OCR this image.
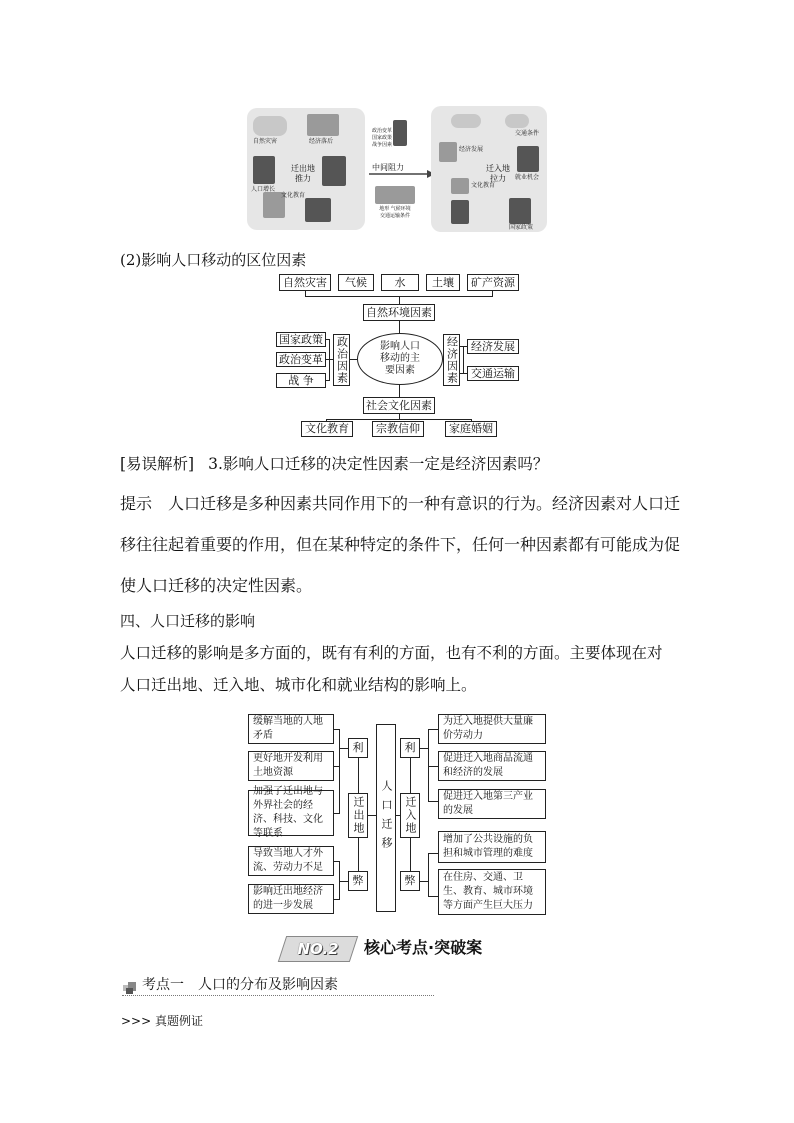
迁出地
推力
自然灾害	经济落后
人口增长
文化教育
政治变革
国家政策
战争因素
中间阻力
地形 气候环境
交通运输条件
迁入地
拉力
经济发展
交通条件
文化教育
就业机会
国家政策
(2)影响人口移动的区位因素
自然灾害	气候	水	土壤	矿产资源
自然环境因素
影响人口
移动的主
要因素
政治因素
国家政策
政治变革
战 争	经济因素	经济发展
交通运输
社会文化因素
文化教育	宗教信仰	家庭婚姻
[易误解析] 3.影响人口迁移的决定性因素一定是经济因素吗？
提示　人口迁移是多种因素共同作用下的一种有意识的行为。经济因素对人口迁
移往往起着重要的作用，但在某种特定的条件下，任何一种因素都有可能成为促
使人口迁移的决定性因素。
四、人口迁移的影响
人口迁移的影响是多方面的，既有有利的方面，也有不利的方面。主要体现在对
人口迁出地、迁入地、城市化和就业结构的影响上。
缓解当地的人地矛盾
更好地开发利用土地资源
加强了迁出地与外界社会的经济、科技、文化等联系
导致当地人才外流、劳动力不足
影响迁出地经济的进一步发展
利
弊
迁出地	人口迁移	迁入地
利
弊
为迁入地提供大量廉价劳动力
促进迁入地商品流通和经济的发展
促进迁入地第三产业的发展
增加了公共设施的负担和城市管理的难度
在住房、交通、卫生、教育、城市环境等方面产生巨大压力
NO.2	核心考点·突破案
考点一　人口的分布及影响因素
>>> 真题例证
